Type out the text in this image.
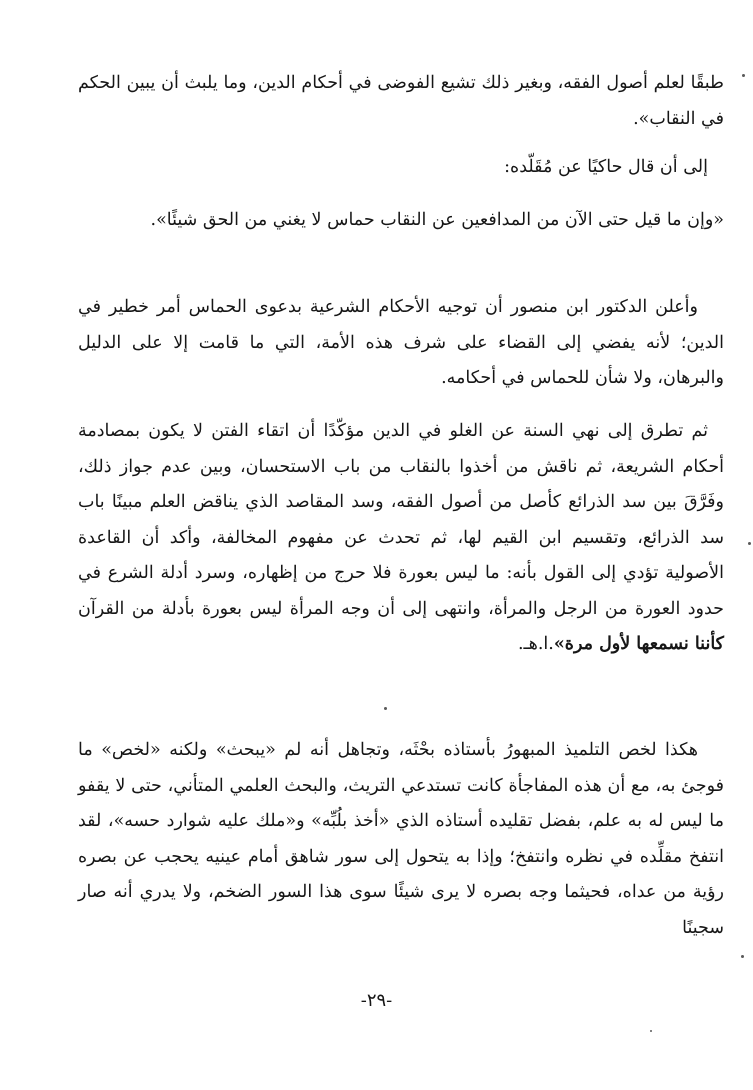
طبقًا لعلم أصول الفقه، وبغير ذلك تشيع الفوضى في أحكام الدين، وما يلبث أن يبين الحكم في النقاب».

إلى أن قال حاكيًا عن مُقَلّده:

«وإن ما قيل حتى الآن من المدافعين عن النقاب حماس لا يغني من الحق شيئًا».

وأعلن الدكتور ابن منصور أن توجيه الأحكام الشرعية بدعوى الحماس أمر خطير في الدين؛ لأنه يفضي إلى القضاء على شرف هذه الأمة، التي ما قامت إلا على الدليل والبرهان، ولا شأن للحماس في أحكامه.

ثم تطرق إلى نهي السنة عن الغلو في الدين مؤكّدًا أن اتقاء الفتن لا يكون بمصادمة أحكام الشريعة، ثم ناقش من أخذوا بالنقاب من باب الاستحسان، وبين عدم جواز ذلك، وفَرَّقَ بين سد الذرائع كأصل من أصول الفقه، وسد المقاصد الذي يناقض العلم مبينًا باب سد الذرائع، وتقسيم ابن القيم لها، ثم تحدث عن مفهوم المخالفة، وأكد أن القاعدة الأصولية تؤدي إلى القول بأنه: ما ليس بعورة فلا حرج من إظهاره، وسرد أدلة الشرع في حدود العورة من الرجل والمرأة، وانتهى إلى أن وجه المرأة ليس بعورة بأدلة من القرآن كأننا نسمعها لأول مرة».ا.هـ.

هكذا لخص التلميذ المبهورُ بأستاذه بحْثَه، وتجاهل أنه لم «يبحث» ولكنه «لخص» ما فوجئ به، مع أن هذه المفاجأة كانت تستدعي التريث، والبحث العلمي المتأني، حتى لا يقفو ما ليس له به علم، بفضل تقليده أستاذه الذي «أخذ بلُبِّه» و«ملك عليه شوارد حسه»، لقد انتفخ مقلِّده في نظره وانتفخ؛ وإذا به يتحول إلى سور شاهق أمام عينيه يحجب عن بصره رؤية من عداه، فحيثما وجه بصره لا يرى شيئًا سوى هذا السور الضخم، ولا يدري أنه صار سجينًا

-٢٩-
